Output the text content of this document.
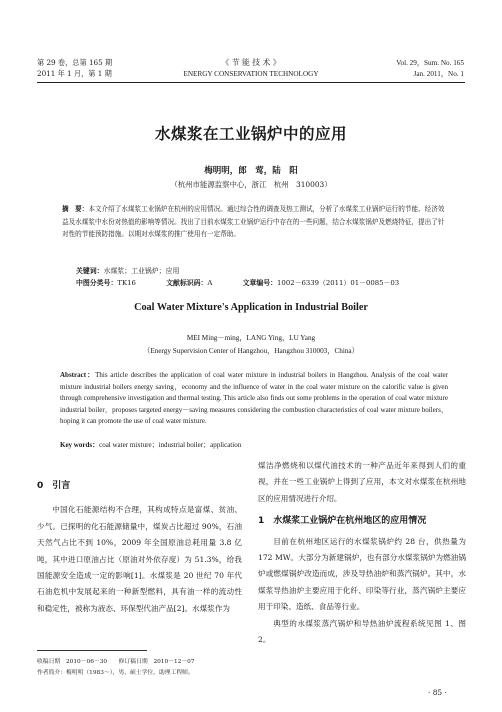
第 29 卷，总第 165 期
2011 年 1 月，第 1 期
《 节 能 技 术 》
ENERGY CONSERVATION TECHNOLOGY
Vol. 29，Sum. No. 165
Jan. 2011，No. 1
水煤浆在工业锅炉中的应用
梅明明，郎　莺，陆　阳
（杭州市能源监察中心，浙江　杭州　310003）
摘　要：本文介绍了水煤浆工业锅炉在杭州的应用情况。通过综合性的调查及热工测试，分析了水煤浆工业锅炉运行的节能、经济效益及水煤浆中水份对热值的影响等情况。找出了目前水煤浆工业锅炉运行中存在的一些问题，结合水煤浆锅炉及燃烧特征，提出了针对性的节能预防措施。以期对水煤浆的推广使用有一定帮助。
关键词：水煤浆；工业锅炉；应用
中图分类号：TK16	文献标识码：A	文章编号：1002－6339（2011）01－0085－03
Coal Water Mixture's Application in Industrial Boiler
MEI Ming－ming，LANG Ying，LU Yang
（Energy Supervision Center of Hangzhou，Hangzhou 310003，China）
Abstract：This article describes the application of coal water mixture in industrial boilers in Hangzhou. Analysis of the coal water mixture industrial boilers energy saving，economy and the influence of water in the coal water mixture on the calorific value is given through comprehensive investigation and thermal testing. This article also finds out some problems in the operation of coal water mixture industrial boiler，proposes targeted energy－saving measures considering the combustion characteristics of coal water mixture boilers，hoping it can promote the use of coal water mixture.
Key words：coal water mixture；industrial boiler；application
0　引言

中国化石能源结构不合理，其构成特点是富煤、贫油、少气。已探明的化石能源储量中，煤炭占比超过 90%，石油天然气占比不到 10%，2009 年全国原油总耗用量 3.8 亿吨，其中进口原油占比（原油对外依存度）为 51.3%，给我国能源安全造成一定的影响[1]。水煤浆是 20 世纪 70 年代石油危机中发展起来的一种新型燃料，具有油一样的流动性和稳定性，被称为液态、环保型代油产品[2]。水煤浆作为

煤洁净燃烧和以煤代油技术的一种产品近年来得到人们的重视，并在一些工业锅炉上得到了应用，本文对水煤浆在杭州地区的应用情况进行介绍。

1　水煤浆工业锅炉在杭州地区的应用情况

目前在杭州地区运行的水煤浆锅炉约 28 台，供热量为 172 MW。大部分为新建锅炉，也有部分水煤浆锅炉为燃油锅炉或燃煤锅炉改造而成，涉及导热油炉和蒸汽锅炉。其中，水煤浆导热油炉主要应用于化纤、印染等行业，蒸汽锅炉主要应用于印染、造纸、食品等行业。

典型的水煤浆蒸汽锅炉和导热油炉流程系统见图 1、图 2。

收稿日期　2010－06－30　　修订稿日期　2010－12－07
作者简介：梅明明（1983～），男，硕士学位，助理工程师。
· 85 ·
